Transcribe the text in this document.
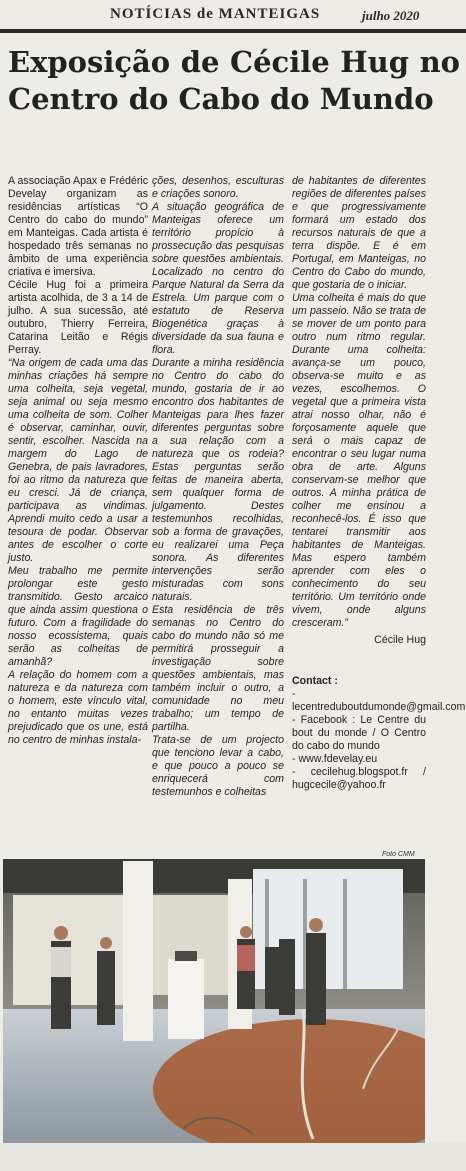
NOTÍCIAS de MANTEIGAS	julho 2020
Exposição de Cécile Hug no Centro do Cabo do Mundo

A associação Apax e Frédéric Develay organizam as residências artísticas “O Centro do cabo do mundo” em Manteigas. Cada artista é hospedado três semanas no âmbito de uma experiência criativa e imersiva.

Cécile Hug foi a primeira artista acolhida, de 3 a 14 de julho. A sua sucessão, até outubro, Thierry Ferreira, Catarina Leitão e Régis Perray.

“Na origem de cada uma das minhas criações há sempre uma colheita, seja vegetal, seja animal ou seja mesmo uma colheita de som. Colher é observar, caminhar, ouvir, sentir, escolher. Nascida na margem do Lago de Genebra, de pais lavradores, foi ao ritmo da natureza que eu cresci. Já de criança, participava as vindimas. Aprendi muito cedo a usar a tesoura de podar. Observar antes de escolher o corte justo.

Meu trabalho me permite prolongar este gesto transmitido. Gesto arcaico que ainda assim questiona o futuro. Com a fragilidade do nosso ecossistema, quais serão as colheitas de amanhã?

A relação do homem com a natureza e da natureza com o homem, este vínculo vital, no entanto muitas vezes prejudicado que os une, está no centro de minhas instala-

ções, desenhos, esculturas e criações sonoro.

A situação geográfica de Manteigas oferece um território propício à prossecução das pesquisas sobre questões ambientais. Localizado no centro do Parque Natural da Serra da Estrela. Um parque com o estatuto de Reserva Biogenética graças à diversidade da sua fauna e flora.

Durante a minha residência no Centro do cabo do mundo, gostaria de ir ao encontro dos habitantes de Manteigas para lhes fazer diferentes perguntas sobre a sua relação com a natureza que os rodeia? Estas perguntas serão feitas de maneira aberta, sem qualquer forma de julgamento. Destes testemunhos recolhidas, sob a forma de gravações, eu realizarei uma Peça sonora. As diferentes intervenções serão misturadas com sons naturais.

Esta residência de três semanas no Centro do cabo do mundo não só me permitirá prosseguir a investigação sobre questões ambientais, mas também incluir o outro, a comunidade no meu trabalho; um tempo de partilha.

Trata-se de um projecto que tenciono levar a cabo, e que pouco a pouco se enriquecerá com testemunhos e colheitas

de habitantes de diferentes regiões de diferentes países e que progressivamente formará um estado dos recursos naturais de que a terra dispõe. E é em Portugal, em Manteigas, no Centro do Cabo do mundo, que gostaria de o iniciar.

Uma colheita é mais do que um passeio. Não se trata de se mover de um ponto para outro num ritmo regular. Durante uma colheita: avança-se um pouco, observa-se muito e as vezes, escolhemos. O vegetal que a primeira vista atrai nosso olhar, não é forçosamente aquele que será o mais capaz de encontrar o seu lugar numa obra de arte. Alguns conservam-se melhor que outros. A minha prática de colher me ensinou a reconhecê-los. É isso que tentarei transmitir aos habitantes de Manteigas. Mas espero também aprender com eles o conhecimento do seu território. Um território onde vivem, onde alguns cresceram.”

Cécile Hug

Contact :

- lecentreduboutdumonde@gmail.com

- Facebook : Le Centre du bout du monde / O Centro do cabo do mundo

- www.fdevelay.eu

- cecilehug.blogspot.fr / hugcecile@yahoo.fr

Foto CMM
